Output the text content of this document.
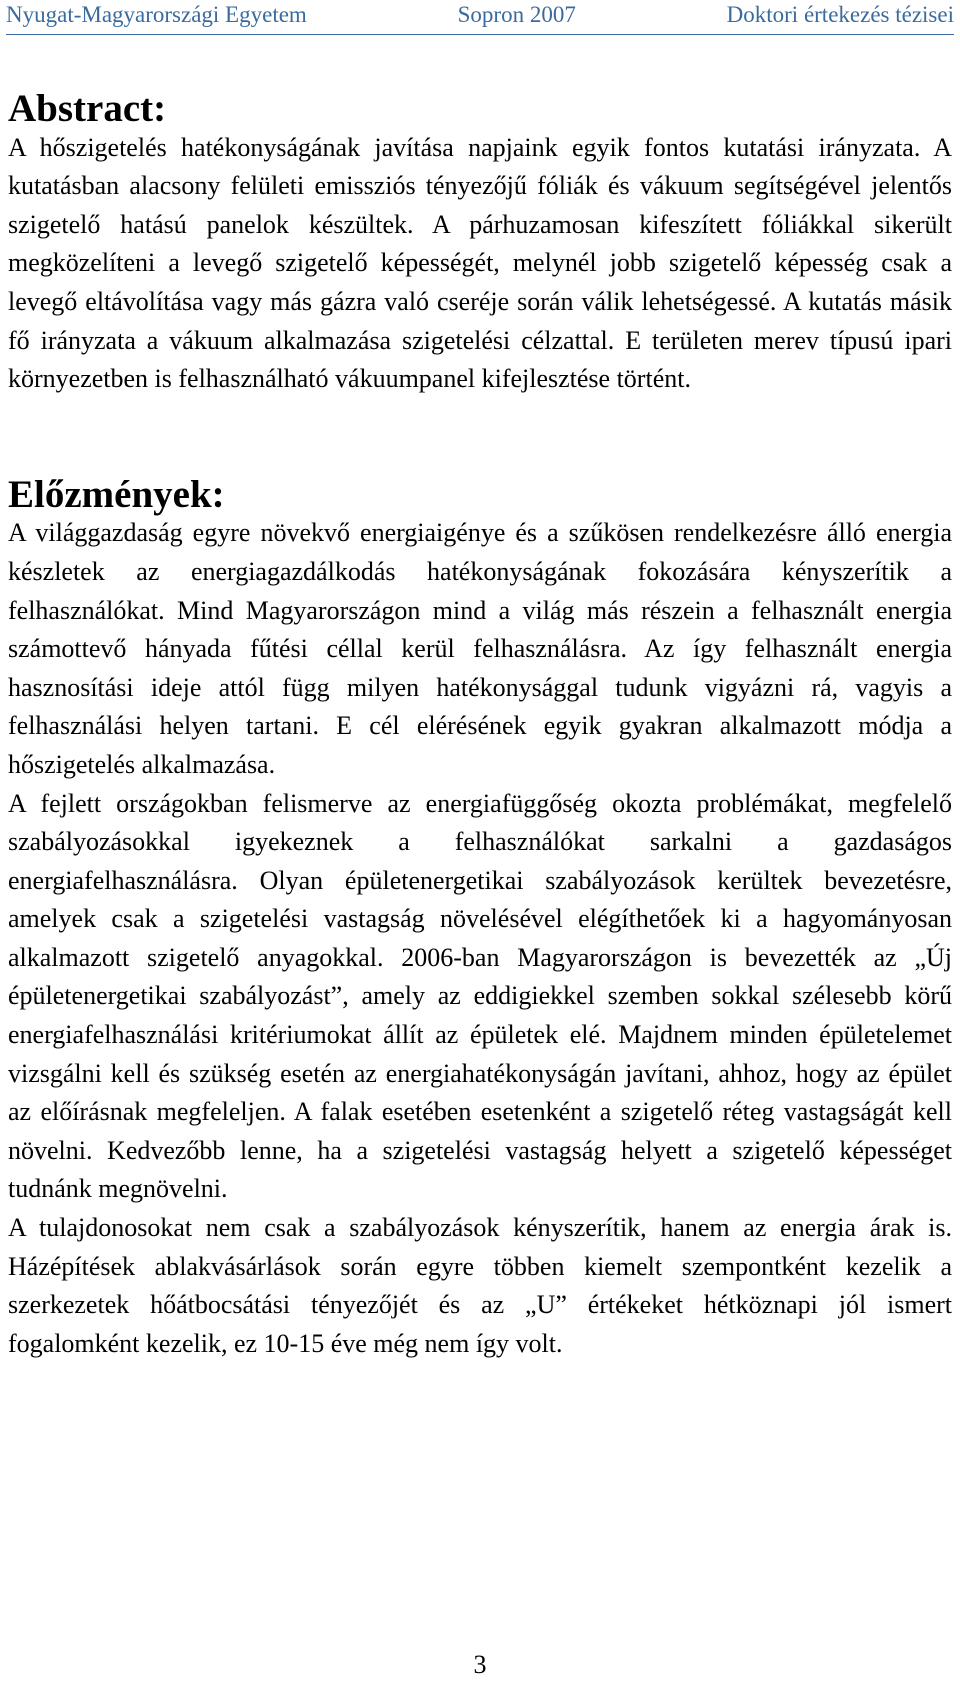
Nyugat-Magyarországi Egyetem	Sopron 2007	Doktori értekezés tézisei
Abstract:

A hőszigetelés hatékonyságának javítása napjaink egyik fontos kutatási irányzata. A kutatásban alacsony felületi emissziós tényezőjű fóliák és vákuum segítségével jelentős szigetelő hatású panelok készültek. A párhuzamosan kifeszített fóliákkal sikerült megközelíteni a levegő szigetelő képességét, melynél jobb szigetelő képesség csak a levegő eltávolítása vagy más gázra való cseréje során válik lehetségessé. A kutatás másik fő irányzata a vákuum alkalmazása szigetelési célzattal. E területen merev típusú ipari környezetben is felhasználható vákuumpanel kifejlesztése történt.

Előzmények:

A világgazdaság egyre növekvő energiaigénye és a szűkösen rendelkezésre álló energia készletek az energiagazdálkodás hatékonyságának fokozására kényszerítik a felhasználókat. Mind Magyarországon mind a világ más részein a felhasznált energia számottevő hányada fűtési céllal kerül felhasználásra. Az így felhasznált energia hasznosítási ideje attól függ milyen hatékonysággal tudunk vigyázni rá, vagyis a felhasználási helyen tartani. E cél elérésének egyik gyakran alkalmazott módja a hőszigetelés alkalmazása.

A fejlett országokban felismerve az energiafüggőség okozta problémákat, megfelelő szabályozásokkal igyekeznek a felhasználókat sarkalni a gazdaságos energiafelhasználásra. Olyan épületenergetikai szabályozások kerültek bevezetésre, amelyek csak a szigetelési vastagság növelésével elégíthetőek ki a hagyományosan alkalmazott szigetelő anyagokkal. 2006-ban Magyarországon is bevezették az „Új épületenergetikai szabályozást”, amely az eddigiekkel szemben sokkal szélesebb körű energiafelhasználási kritériumokat állít az épületek elé. Majdnem minden épületelemet vizsgálni kell és szükség esetén az energiahatékonyságán javítani, ahhoz, hogy az épület az előírásnak megfeleljen. A falak esetében esetenként a szigetelő réteg vastagságát kell növelni. Kedvezőbb lenne, ha a szigetelési vastagság helyett a szigetelő képességet tudnánk megnövelni.

A tulajdonosokat nem csak a szabályozások kényszerítik, hanem az energia árak is. Házépítések ablakvásárlások során egyre többen kiemelt szempontként kezelik a szerkezetek hőátbocsátási tényezőjét és az „U” értékeket hétköznapi jól ismert fogalomként kezelik, ez 10-15 éve még nem így volt.

3
